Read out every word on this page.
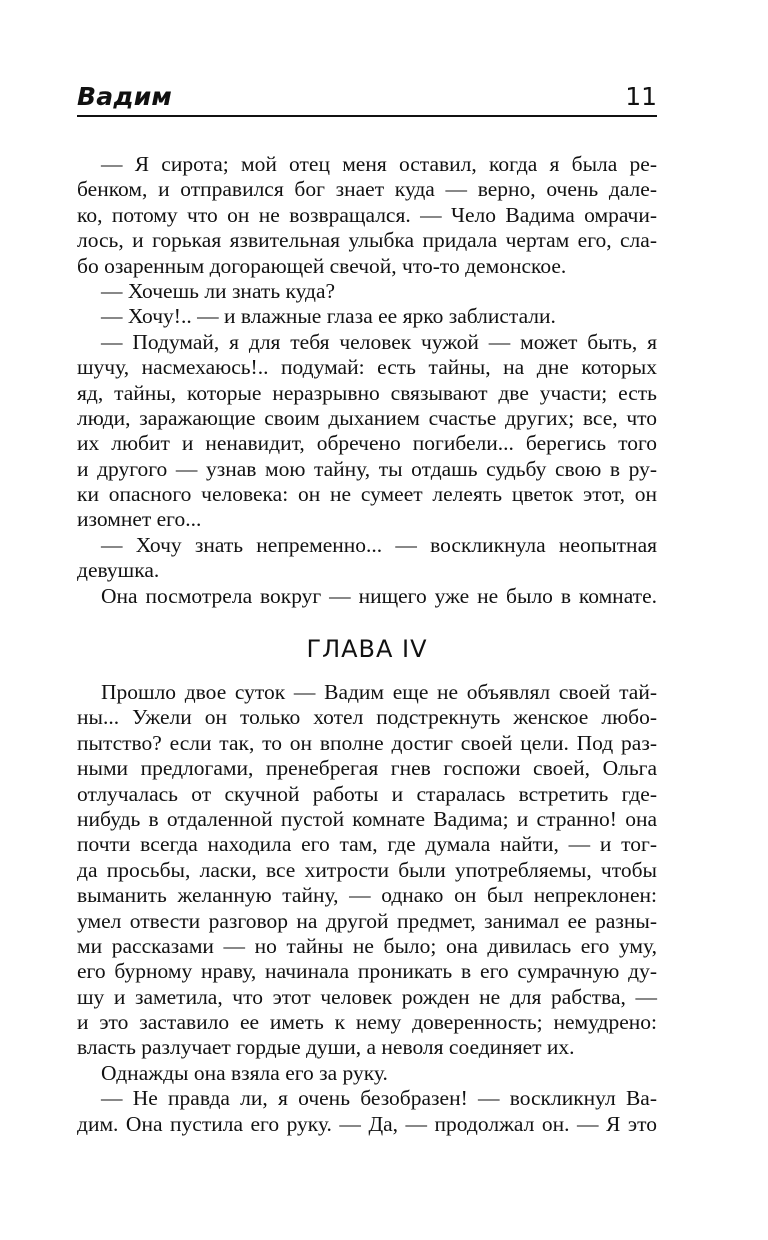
Вадим	11
— Я сирота; мой отец меня оставил, когда я была ре-
бенком, и отправился бог знает куда — верно, очень дале-
ко, потому что он не возвращался. — Чело Вадима омрачи-
лось, и горькая язвительная улыбка придала чертам его, сла-
бо озаренным догорающей свечой, что-то демонское.
— Хочешь ли знать куда?
— Хочу!.. — и влажные глаза ее ярко заблистали.
— Подумай, я для тебя человек чужой — может быть, я
шучу, насмехаюсь!.. подумай: есть тайны, на дне которых
яд, тайны, которые неразрывно связывают две участи; есть
люди, заражающие своим дыханием счастье других; все, что
их любит и ненавидит, обречено погибели... берегись того
и другого — узнав мою тайну, ты отдашь судьбу свою в ру-
ки опасного человека: он не сумеет лелеять цветок этот, он
изомнет его...
— Хочу знать непременно... — воскликнула неопытная
девушка.
Она посмотрела вокруг — нищего уже не было в комнате.
ГЛАВА IV
Прошло двое суток — Вадим еще не объявлял своей тай-
ны... Ужели он только хотел подстрекнуть женское любо-
пытство? если так, то он вполне достиг своей цели. Под раз-
ными предлогами, пренебрегая гнев госпожи своей, Ольга
отлучалась от скучной работы и старалась встретить где-
нибудь в отдаленной пустой комнате Вадима; и странно! она
почти всегда находила его там, где думала найти, — и тог-
да просьбы, ласки, все хитрости были употребляемы, чтобы
выманить желанную тайну, — однако он был непреклонен:
умел отвести разговор на другой предмет, занимал ее разны-
ми рассказами — но тайны не было; она дивилась его уму,
его бурному нраву, начинала проникать в его сумрачную ду-
шу и заметила, что этот человек рожден не для рабства, —
и это заставило ее иметь к нему доверенность; немудрено:
власть разлучает гордые души, а неволя соединяет их.
Однажды она взяла его за руку.
— Не правда ли, я очень безобразен! — воскликнул Ва-
дим. Она пустила его руку. — Да, — продолжал он. — Я это
